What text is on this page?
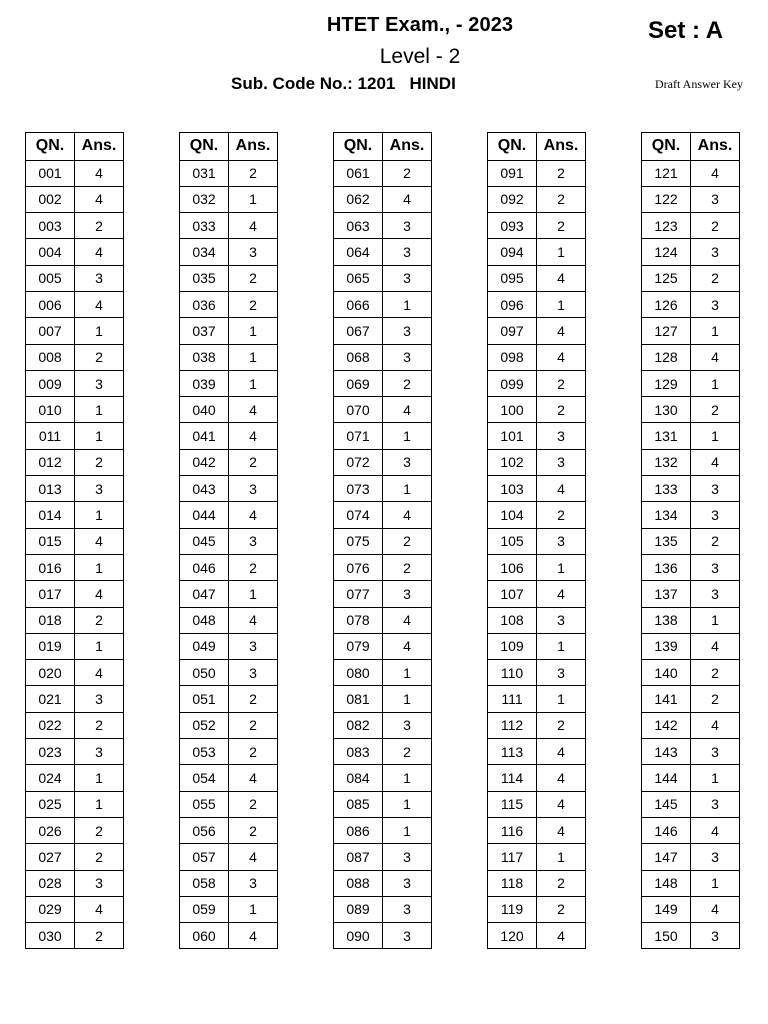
HTET Exam., - 2023
Level - 2
Sub. Code No.: 1201   HINDI
Set : A
Draft Answer Key
QN.	Ans.
001	4
002	4
003	2
004	4
005	3
006	4
007	1
008	2
009	3
010	1
011	1
012	2
013	3
014	1
015	4
016	1
017	4
018	2
019	1
020	4
021	3
022	2
023	3
024	1
025	1
026	2
027	2
028	3
029	4
030	2
QN.	Ans.
031	2
032	1
033	4
034	3
035	2
036	2
037	1
038	1
039	1
040	4
041	4
042	2
043	3
044	4
045	3
046	2
047	1
048	4
049	3
050	3
051	2
052	2
053	2
054	4
055	2
056	2
057	4
058	3
059	1
060	4
QN.	Ans.
061	2
062	4
063	3
064	3
065	3
066	1
067	3
068	3
069	2
070	4
071	1
072	3
073	1
074	4
075	2
076	2
077	3
078	4
079	4
080	1
081	1
082	3
083	2
084	1
085	1
086	1
087	3
088	3
089	3
090	3
QN.	Ans.
091	2
092	2
093	2
094	1
095	4
096	1
097	4
098	4
099	2
100	2
101	3
102	3
103	4
104	2
105	3
106	1
107	4
108	3
109	1
110	3
111	1
112	2
113	4
114	4
115	4
116	4
117	1
118	2
119	2
120	4
QN.	Ans.
121	4
122	3
123	2
124	3
125	2
126	3
127	1
128	4
129	1
130	2
131	1
132	4
133	3
134	3
135	2
136	3
137	3
138	1
139	4
140	2
141	2
142	4
143	3
144	1
145	3
146	4
147	3
148	1
149	4
150	3
